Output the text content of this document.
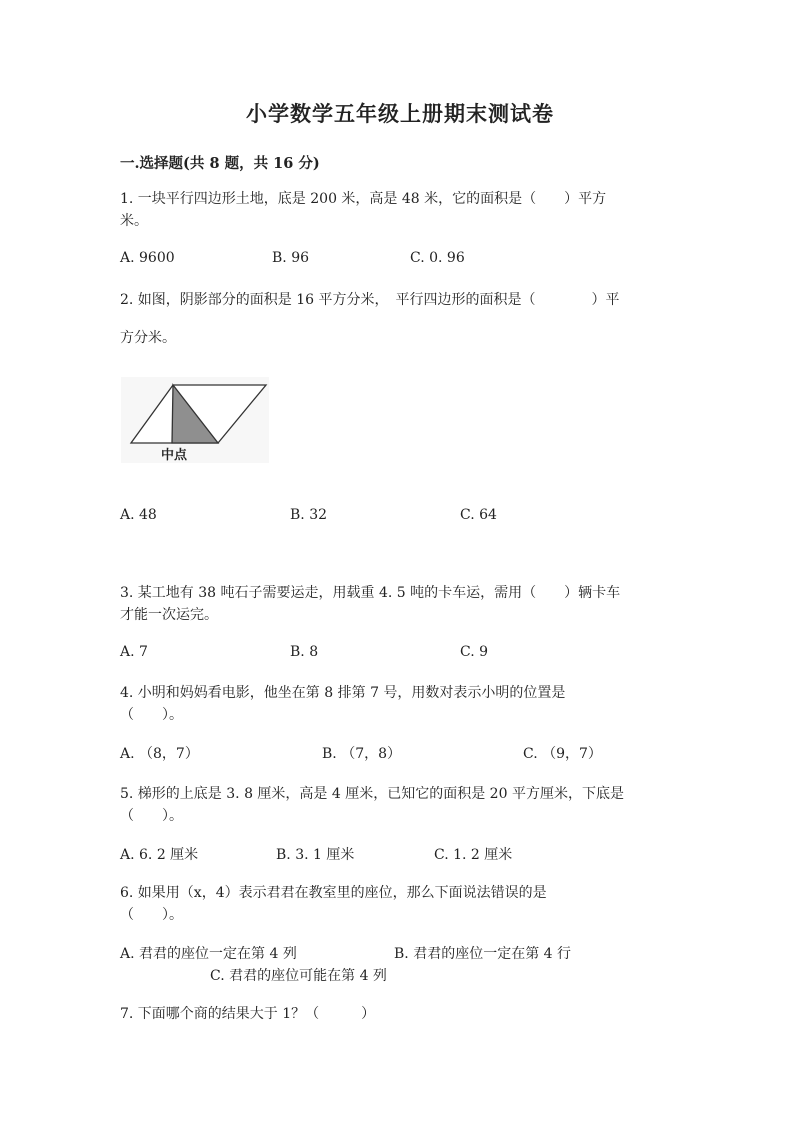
小学数学五年级上册期末测试卷
一.选择题(共 8 题，共 16 分)
1. 一块平行四边形土地，底是 200 米，高是 48 米，它的面积是（　　）平方
米。
A. 9600	B. 96	C. 0. 96
2. 如图，阴影部分的面积是 16 平方分米，　平行四边形的面积是（　　　　）平
方分米。
中点
A. 48	B. 32	C. 64
3. 某工地有 38 吨石子需要运走，用载重 4. 5 吨的卡车运，需用（　　）辆卡车
才能一次运完。
A. 7	B. 8	C. 9
4. 小明和妈妈看电影，他坐在第 8 排第 7 号，用数对表示小明的位置是
（　　）。
A. （8，7）	B. （7，8）	C. （9，7）
5. 梯形的上底是 3. 8 厘米，高是 4 厘米，已知它的面积是 20 平方厘米，下底是
（　　）。
A. 6. 2 厘米	B. 3. 1 厘米	C. 1. 2 厘米
6. 如果用（x，4）表示君君在教室里的座位，那么下面说法错误的是
（　　）。
A. 君君的座位一定在第 4 列	B. 君君的座位一定在第 4 行
C. 君君的座位可能在第 4 列
7. 下面哪个商的结果大于 1？（　　　）
